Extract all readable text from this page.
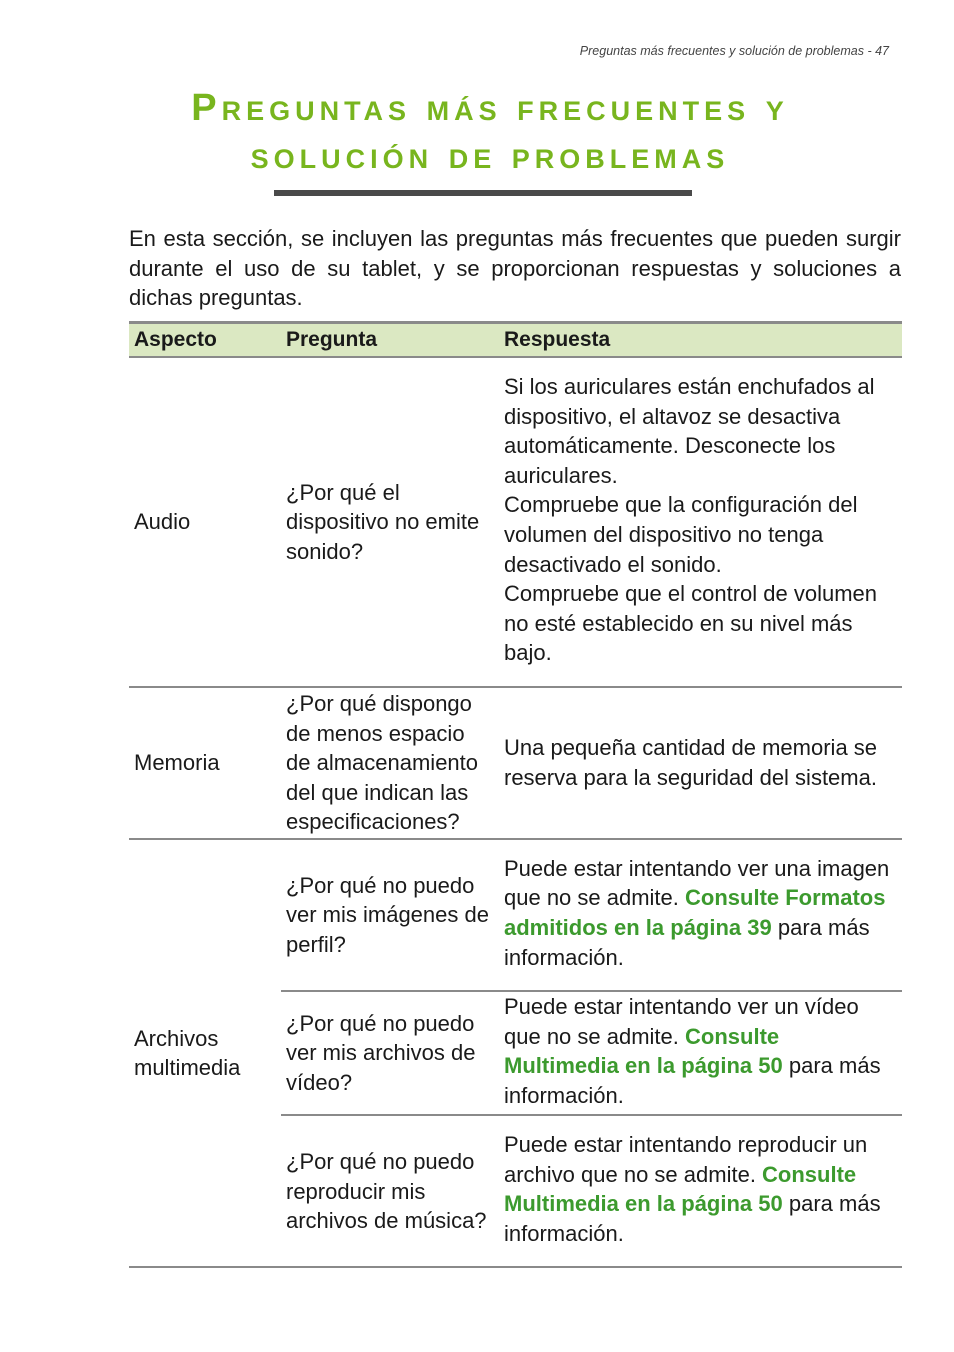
Preguntas más frecuentes y solución de problemas - 47
Preguntas más frecuentes y
solución de problemas

En esta sección, se incluyen las preguntas más frecuentes que pueden surgir durante el uso de su tablet, y se proporcionan respuestas y soluciones a dichas preguntas.

Aspecto	Pregunta	Respuesta
Audio	¿Por qué el dispositivo no emite sonido?	Si los auriculares están enchufados al dispositivo, el altavoz se desactiva automáticamente. Desconecte los auriculares.
Compruebe que la configuración del volumen del dispositivo no tenga desactivado el sonido.
Compruebe que el control de volumen no esté establecido en su nivel más bajo.

Memoria	¿Por qué dispongo de menos espacio de almacenamiento del que indican las especificaciones?	Una pequeña cantidad de memoria se reserva para la seguridad del sistema.
Archivos multimedia	¿Por qué no puedo ver mis imágenes de perfil?	Puede estar intentando ver una imagen que no se admite. Consulte Formatos admitidos en la página 39 para más información.
	¿Por qué no puedo ver mis archivos de vídeo?	Puede estar intentando ver un vídeo que no se admite. Consulte Multimedia en la página 50 para más información.
	¿Por qué no puedo reproducir mis archivos de música?	Puede estar intentando reproducir un archivo que no se admite. Consulte Multimedia en la página 50 para más información.
